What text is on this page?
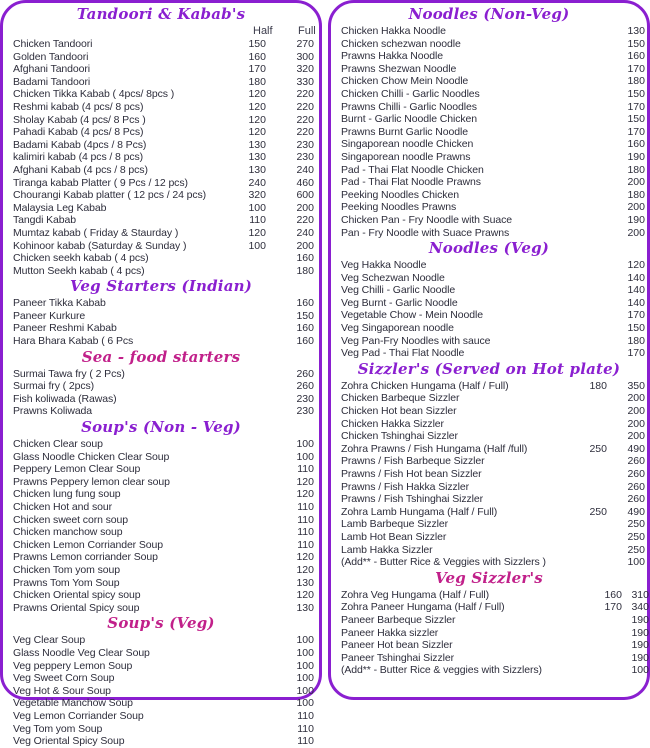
Tandoori & Kabab's
Half Full
Chicken Tandoori	150	270
Golden Tandoori	160	300
Afghani Tandoori	170	320
Badami Tandoori	180	330
Chicken Tikka Kabab ( 4pcs/ 8pcs )	120	220
Reshmi kabab (4 pcs/ 8 pcs)	120	220
Sholay Kabab (4 pcs/ 8 Pcs )	120	220
Pahadi Kabab (4 pcs/ 8 Pcs)	120	220
Badami Kabab (4pcs / 8 Pcs)	130	230
kalimiri kabab (4 pcs / 8 pcs)	130	230
Afghani Kabab (4 pcs / 8 pcs)	130	240
Tiranga kabab Platter ( 9 Pcs / 12 pcs)	240	460
Chourangi Kabab platter ( 12 pcs / 24 pcs)	320	600
Malaysia Leg Kabab	100	200
Tangdi Kabab	110	220
Mumtaz kabab ( Friday & Staurday )	120	240
Kohinoor kabab (Saturday & Sunday )	100	200
Chicken seekh kabab ( 4 pcs)	160
Mutton Seekh kabab ( 4 pcs)	180
Veg Starters (Indian)
Paneer Tikka Kabab	160
Paneer Kurkure	150
Paneer Reshmi Kabab	160
Hara Bhara Kabab ( 6 Pcs	160
Sea - food starters
Surmai Tawa fry ( 2 Pcs)	260
Surmai fry ( 2pcs)	260
Fish koliwada (Rawas)	230
Prawns Koliwada	230
Soup's (Non - Veg)
Chicken Clear soup	100
Glass Noodle Chicken Clear Soup	100
Peppery Lemon Clear Soup	110
Prawns Peppery lemon clear soup	120
Chicken lung fung soup	120
Chicken Hot and sour	110
Chicken sweet corn soup	110
Chicken manchow soup	110
Chicken Lemon Corriander Soup	110
Prawns Lemon corriander Soup	120
Chicken Tom yom soup	120
Prawns Tom Yom Soup	130
Chicken Oriental spicy soup	120
Prawns Oriental Spicy soup	130
Soup's (Veg)
Veg Clear Soup	100
Glass Noodle Veg Clear Soup	100
Veg peppery Lemon Soup	100
Veg Sweet Corn Soup	100
Veg Hot & Sour Soup	100
Vegetable Manchow Soup	100
Veg Lemon Corriander Soup	110
Veg Tom yom Soup	110
Veg Oriental Spicy Soup	110
Noodles (Non-Veg)
Chicken Hakka Noodle	130
Chicken schezwan noodle	150
Prawns Hakka Noodle	160
Prawns Shezwan Noodle	170
Chicken Chow Mein Noodle	180
Chicken Chilli - Garlic Noodles	150
Prawns Chilli - Garlic Noodles	170
Burnt - Garlic Noodle Chicken	150
Prawns Burnt Garlic Noodle	170
Singaporean noodle Chicken	160
Singaporean noodle Prawns	190
Pad - Thai Flat Noodle Chicken	180
Pad - Thai Flat Noodle Prawns	200
Peeking Noodles Chicken	180
Peeking Noodles Prawns	200
Chicken Pan - Fry Noodle with Suace	190
Pan - Fry Noodle with Suace Prawns	200
Noodles (Veg)
Veg Hakka Noodle	120
Veg Schezwan Noodle	140
Veg Chilli - Garlic Noodle	140
Veg Burnt - Garlic Noodle	140
Vegetable Chow - Mein Noodle	170
Veg Singaporean noodle	150
Veg Pan-Fry Noodles with sauce	180
Veg Pad - Thai Flat Noodle	170
Sizzler's (Served on Hot plate)
Zohra Chicken Hungama (Half / Full)	180	350
Chicken Barbeque Sizzler	200
Chicken Hot bean Sizzler	200
Chicken Hakka Sizzler	200
Chicken Tshinghai Sizzler	200
Zohra Prawns / Fish Hungama (Half /full)	250	490
Prawns / Fish Barbeque Sizzler	260
Prawns / Fish Hot bean Sizzler	260
Prawns / Fish Hakka Sizzler	260
Prawns / Fish Tshinghai Sizzler	260
Zohra Lamb Hungama (Half / Full)	250	490
Lamb Barbeque Sizzler	250
Lamb Hot Bean Sizzler	250
Lamb Hakka Sizzler	250
(Add** - Butter Rice & Veggies with Sizzlers )	100
Veg Sizzler's
Zohra Veg Hungama (Half / Full)	160 310
Zohra Paneer Hungama (Half / Full)	170 340
Paneer Barbeque Sizzler	190
Paneer Hakka sizzler	190
Paneer Hot bean Sizzler	190
Paneer Tshinghai Sizzler	190
(Add** - Butter Rice & veggies with Sizzlers)	100
